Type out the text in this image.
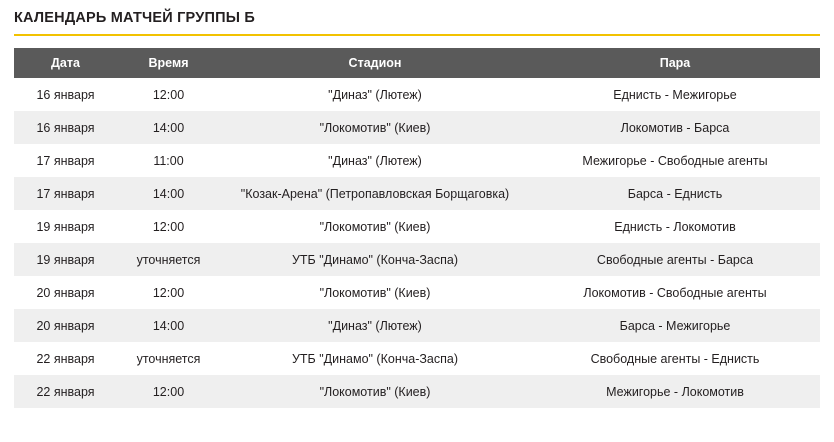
КАЛЕНДАРЬ МАТЧЕЙ ГРУППЫ Б
Дата	Время	Стадион	Пара
16 января	12:00	"Диназ" (Лютеж)	Еднисть - Межигорье
16 января	14:00	"Локомотив" (Киев)	Локомотив - Барса
17 января	11:00	"Диназ" (Лютеж)	Межигорье - Свободные агенты
17 января	14:00	"Козак-Арена" (Петропавловская Борщаговка)	Барса - Еднисть
19 января	12:00	"Локомотив" (Киев)	Еднисть - Локомотив
19 января	уточняется	УТБ "Динамо" (Конча-Заспа)	Свободные агенты - Барса
20 января	12:00	"Локомотив" (Киев)	Локомотив - Свободные агенты
20 января	14:00	"Диназ" (Лютеж)	Барса - Межигорье
22 января	уточняется	УТБ "Динамо" (Конча-Заспа)	Свободные агенты - Еднисть
22 января	12:00	"Локомотив" (Киев)	Межигорье - Локомотив
